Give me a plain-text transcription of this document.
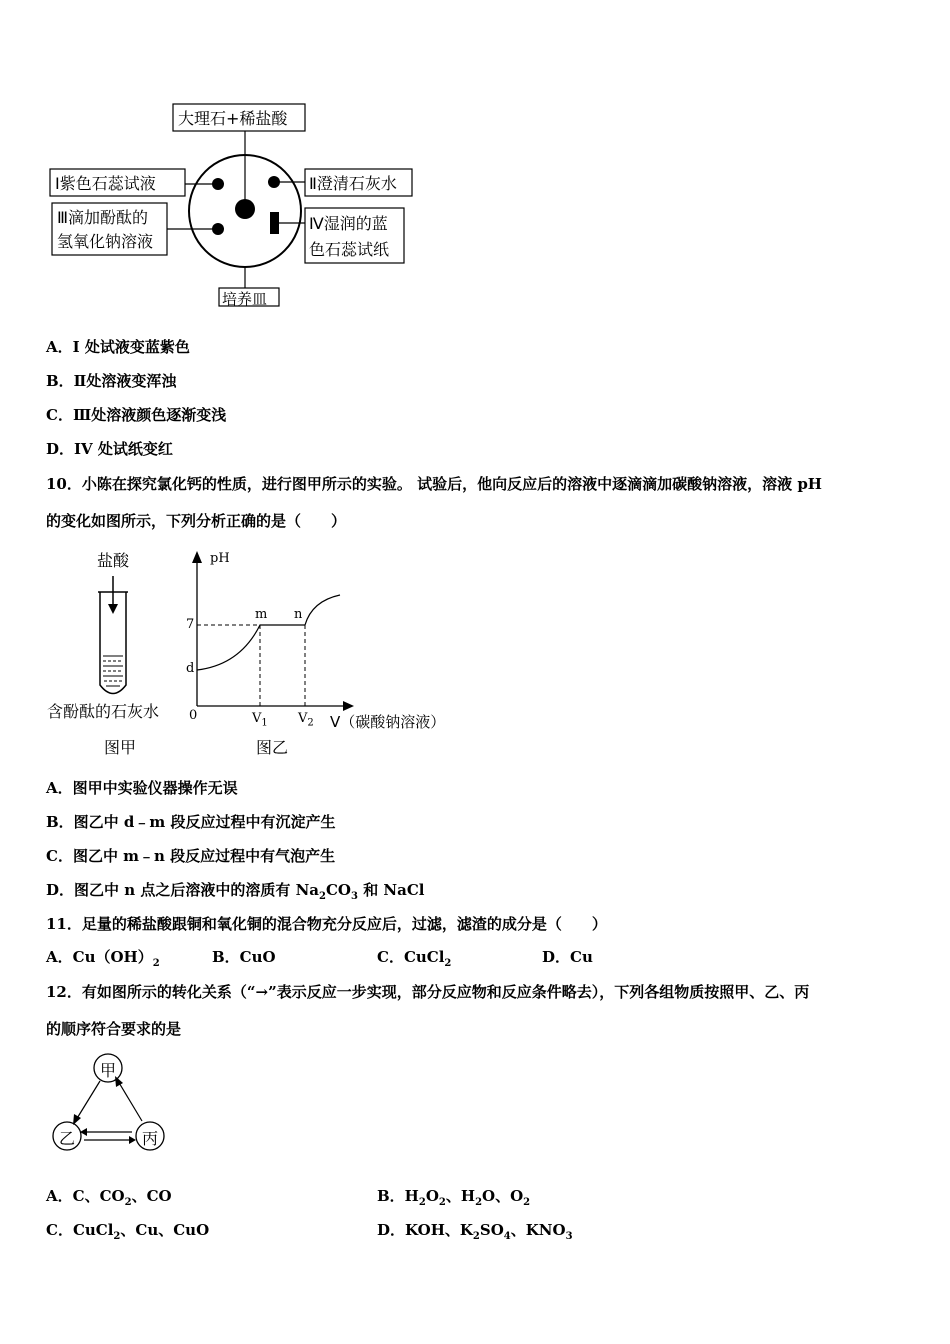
大理石+稀盐酸
Ⅰ紫色石蕊试液
Ⅲ滴加酚酞的
氢氧化钠溶液
Ⅱ澄清石灰水
Ⅳ湿润的蓝
色石蕊试纸
培养皿
A．I 处试液变蓝紫色
B．Ⅱ处溶液变浑浊
C．Ⅲ处溶液颜色逐渐变浅
D．IV 处试纸变红
10．小陈在探究氯化钙的性质，进行图甲所示的实验。 试验后，他向反应后的溶液中逐滴滴加碳酸钠溶液，溶液 pH
的变化如图所示，下列分析正确的是（　　）
盐酸
含酚酞的石灰水
图甲
pH
7
d
0
m n
$V_1$ $V_2$ V（碳酸钠溶液）
图乙
A．图甲中实验仪器操作无误
B．图乙中 d﹣m 段反应过程中有沉淀产生
C．图乙中 m﹣n 段反应过程中有气泡产生
D．图乙中 n 点之后溶液中的溶质有 $Na_2CO_3$ 和 NaCl
11．足量的稀盐酸跟铜和氧化铜的混合物充分反应后，过滤，滤渣的成分是（　　）
A．$Cu(OH)_2$	B．CuO	C．CuCl$_2$	D．Cu
12．有如图所示的转化关系（“→”表示反应一步实现，部分反应物和反应条件略去），下列各组物质按照甲、乙、丙
的顺序符合要求的是
甲
乙	丙
A．C、$CO_2$、CO	B．$H_2O_2$、$H_2O$、$O_2$
C．CuCl$_2$、Cu、CuO	D．KOH、$K_2SO_4$、$KNO_3$
